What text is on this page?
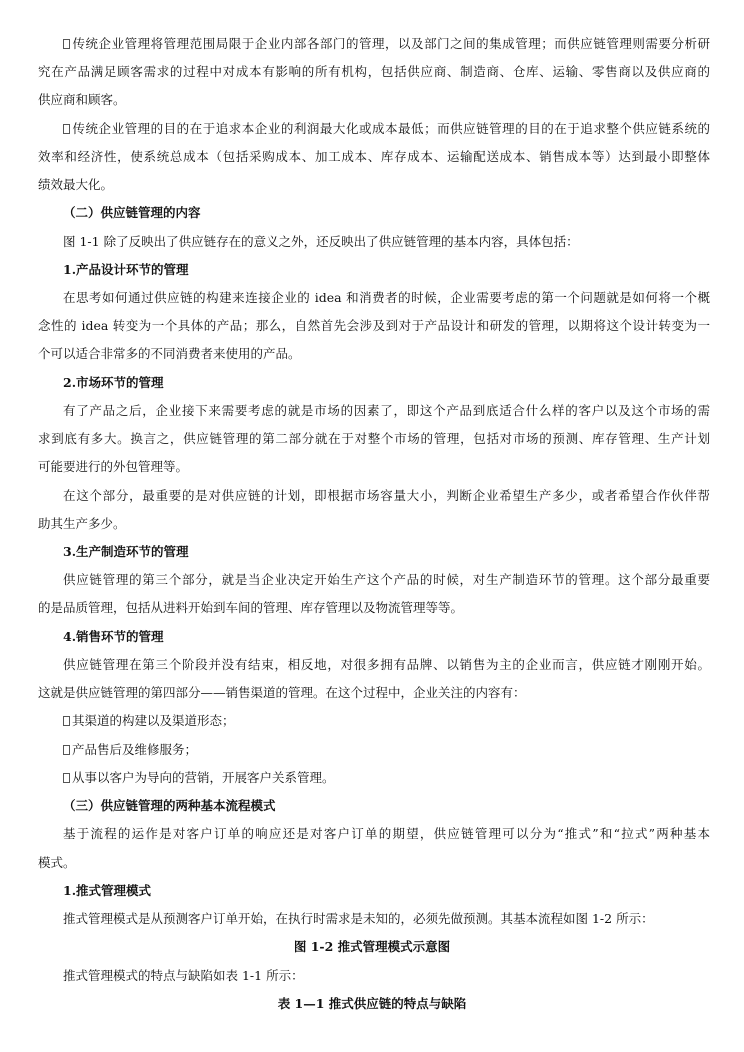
传统企业管理将管理范围局限于企业内部各部门的管理，以及部门之间的集成管理；而供应链管理则需要分析研
究在产品满足顾客需求的过程中对成本有影响的所有机构，包括供应商、制造商、仓库、运输、零售商以及供应商的
供应商和顾客。
传统企业管理的目的在于追求本企业的利润最大化或成本最低；而供应链管理的目的在于追求整个供应链系统的
效率和经济性，使系统总成本（包括采购成本、加工成本、库存成本、运输配送成本、销售成本等）达到最小即整体
绩效最大化。
（二）供应链管理的内容
图 1-1 除了反映出了供应链存在的意义之外，还反映出了供应链管理的基本内容，具体包括：
1.产品设计环节的管理
在思考如何通过供应链的构建来连接企业的 idea 和消费者的时候，企业需要考虑的第一个问题就是如何将一个概
念性的 idea 转变为一个具体的产品；那么，自然首先会涉及到对于产品设计和研发的管理，以期将这个设计转变为一
个可以适合非常多的不同消费者来使用的产品。
2.市场环节的管理
有了产品之后，企业接下来需要考虑的就是市场的因素了，即这个产品到底适合什么样的客户以及这个市场的需
求到底有多大。换言之，供应链管理的第二部分就在于对整个市场的管理，包括对市场的预测、库存管理、生产计划
可能要进行的外包管理等。
在这个部分，最重要的是对供应链的计划，即根据市场容量大小，判断企业希望生产多少，或者希望合作伙伴帮
助其生产多少。
3.生产制造环节的管理
供应链管理的第三个部分，就是当企业决定开始生产这个产品的时候，对生产制造环节的管理。这个部分最重要
的是品质管理，包括从进料开始到车间的管理、库存管理以及物流管理等等。
4.销售环节的管理
供应链管理在第三个阶段并没有结束，相反地，对很多拥有品牌、以销售为主的企业而言，供应链才刚刚开始。
这就是供应链管理的第四部分——销售渠道的管理。在这个过程中，企业关注的内容有：
其渠道的构建以及渠道形态；
产品售后及维修服务；
从事以客户为导向的营销，开展客户关系管理。
（三）供应链管理的两种基本流程模式
基于流程的运作是对客户订单的响应还是对客户订单的期望，供应链管理可以分为“推式”和“拉式”两种基本
模式。
1.推式管理模式
推式管理模式是从预测客户订单开始，在执行时需求是未知的，必须先做预测。其基本流程如图 1-2 所示：
图 1-2 推式管理模式示意图
推式管理模式的特点与缺陷如表 1-1 所示：
表 1—1 推式供应链的特点与缺陷
